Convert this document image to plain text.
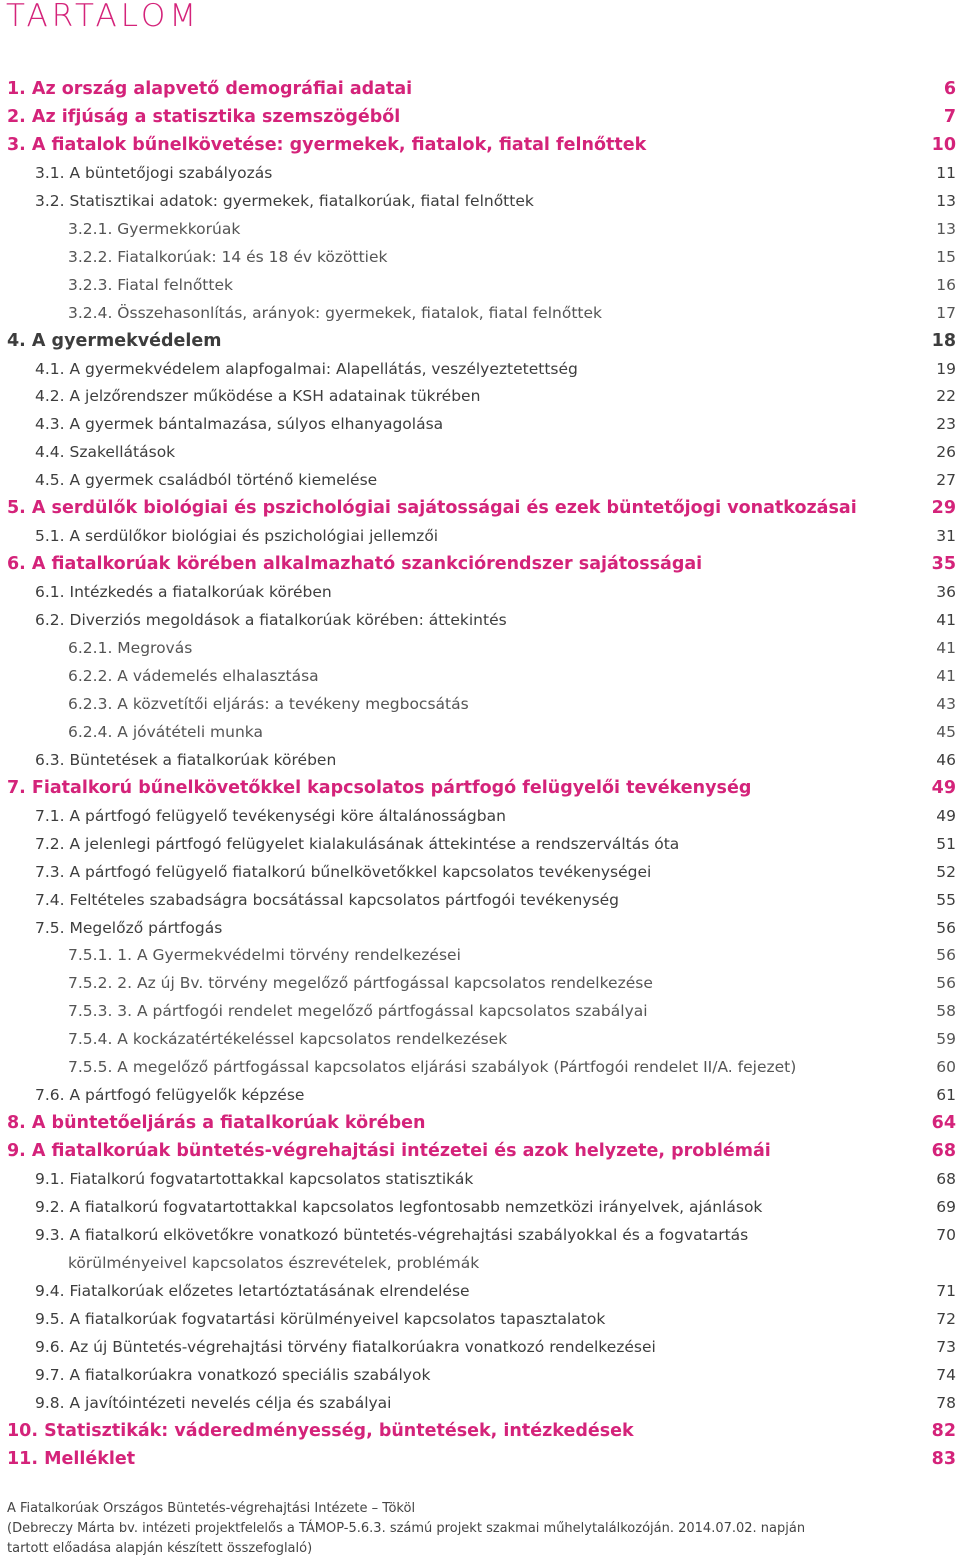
TARTALOM
1. Az ország alapvető demográfiai adatai	6
2. Az ifjúság a statisztika szemszögéből	7
3. A fiatalok bűnelkövetése: gyermekek, fiatalok, fiatal felnőttek	10
3.1. A büntetőjogi szabályozás	11
3.2. Statisztikai adatok: gyermekek, fiatalkorúak, fiatal felnőttek	13
3.2.1. Gyermekkorúak	13
3.2.2. Fiatalkorúak: 14 és 18 év közöttiek	15
3.2.3. Fiatal felnőttek	16
3.2.4. Összehasonlítás, arányok: gyermekek, fiatalok, fiatal felnőttek	17
4. A gyermekvédelem	18
4.1. A gyermekvédelem alapfogalmai: Alapellátás, veszélyeztetettség	19
4.2. A jelzőrendszer működése a KSH adatainak tükrében	22
4.3. A gyermek bántalmazása, súlyos elhanyagolása	23
4.4. Szakellátások	26
4.5. A gyermek családból történő kiemelése	27
5. A serdülők biológiai és pszichológiai sajátosságai és ezek büntetőjogi vonatkozásai	29
5.1. A serdülőkor biológiai és pszichológiai jellemzői	31
6. A fiatalkorúak körében alkalmazható szankciórendszer sajátosságai	35
6.1. Intézkedés a fiatalkorúak körében	36
6.2. Diverziós megoldások a fiatalkorúak körében: áttekintés	41
6.2.1. Megrovás	41
6.2.2. A vádemelés elhalasztása	41
6.2.3. A közvetítői eljárás: a tevékeny megbocsátás	43
6.2.4. A jóvátételi munka	45
6.3. Büntetések a fiatalkorúak körében	46
7. Fiatalkorú bűnelkövetőkkel kapcsolatos pártfogó felügyelői tevékenység	49
7.1. A pártfogó felügyelő tevékenységi köre általánosságban	49
7.2. A jelenlegi pártfogó felügyelet kialakulásának áttekintése a rendszerváltás óta	51
7.3. A pártfogó felügyelő fiatalkorú bűnelkövetőkkel kapcsolatos tevékenységei	52
7.4. Feltételes szabadságra bocsátással kapcsolatos pártfogói tevékenység	55
7.5. Megelőző pártfogás	56
7.5.1. 1. A Gyermekvédelmi törvény rendelkezései	56
7.5.2. 2. Az új Bv. törvény megelőző pártfogással kapcsolatos rendelkezése	56
7.5.3. 3. A pártfogói rendelet megelőző pártfogással kapcsolatos szabályai	58
7.5.4. A kockázatértékeléssel kapcsolatos rendelkezések	59
7.5.5. A megelőző pártfogással kapcsolatos eljárási szabályok (Pártfogói rendelet II/A. fejezet)	60
7.6. A pártfogó felügyelők képzése	61
8. A büntetőeljárás a fiatalkorúak körében	64
9. A fiatalkorúak büntetés-végrehajtási intézetei és azok helyzete, problémái	68
9.1. Fiatalkorú fogvatartottakkal kapcsolatos statisztikák	68
9.2. A fiatalkorú fogvatartottakkal kapcsolatos legfontosabb nemzetközi irányelvek, ajánlások	69
9.3. A fiatalkorú elkövetőkre vonatkozó büntetés-végrehajtási szabályokkal és a fogvatartás	70
körülményeivel kapcsolatos észrevételek, problémák
9.4. Fiatalkorúak előzetes letartóztatásának elrendelése	71
9.5. A fiatalkorúak fogvatartási körülményeivel kapcsolatos tapasztalatok	72
9.6. Az új Büntetés-végrehajtási törvény fiatalkorúakra vonatkozó rendelkezései	73
9.7. A fiatalkorúakra vonatkozó speciális szabályok	74
9.8. A javítóintézeti nevelés célja és szabályai	78
10. Statisztikák: váderedményesség, büntetések, intézkedések	82
11. Melléklet	83
A Fiatalkorúak Országos Büntetés-végrehajtási Intézete – Tököl
(Debreczy Márta bv. intézeti projektfelelős a TÁMOP-5.6.3. számú projekt szakmai műhelytalálkozóján. 2014.07.02. napján
tartott előadása alapján készített összefoglaló)
